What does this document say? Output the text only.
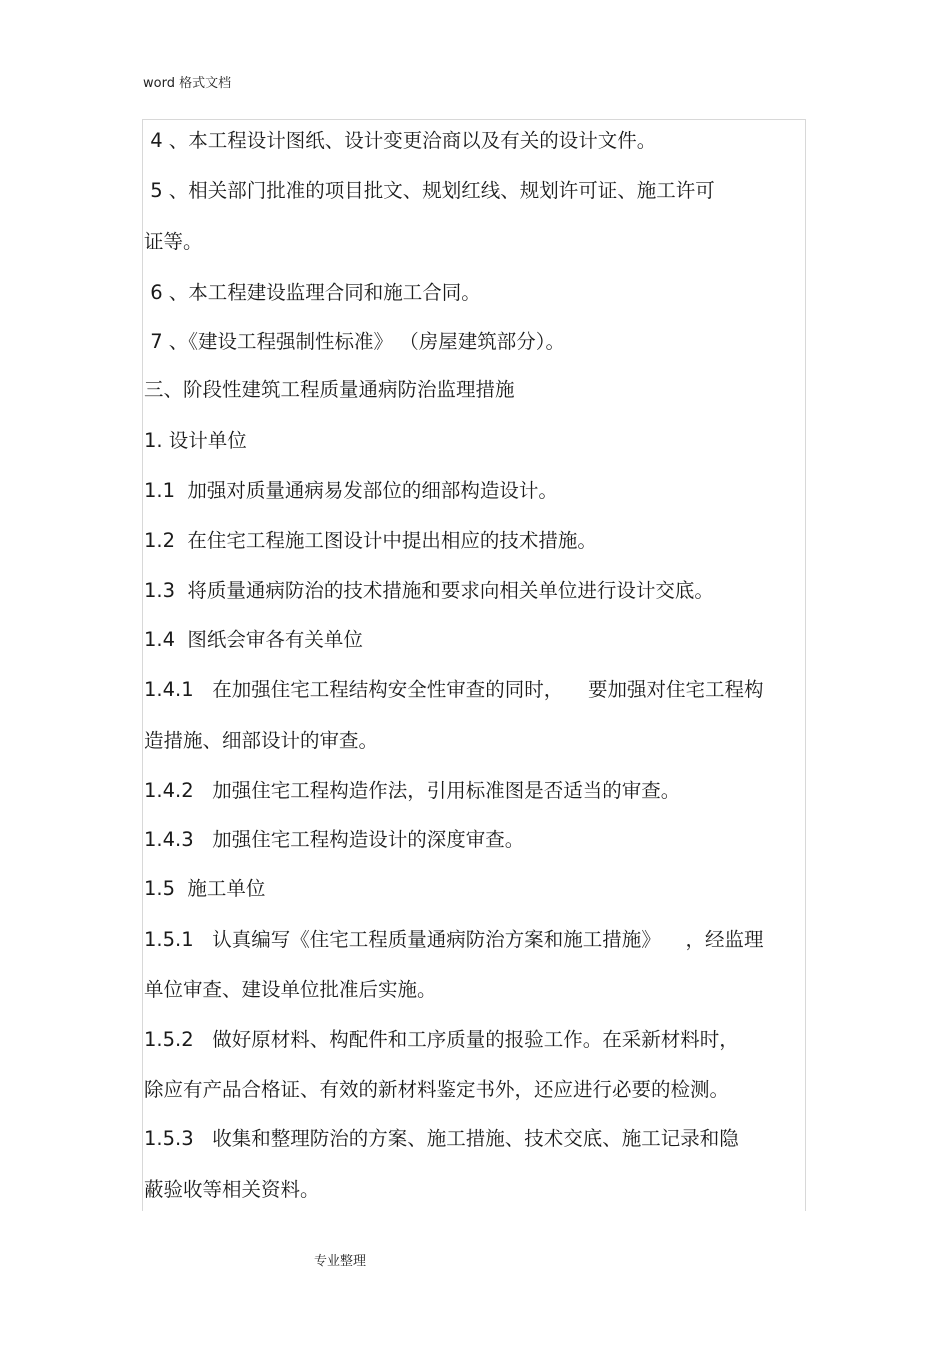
word 格式文档
4 、本工程设计图纸、设计变更洽商以及有关的设计文件。
5 、相关部门批准的项目批文、规划红线、规划许可证、施工许可
证等。
6 、本工程建设监理合同和施工合同。
7 、《建设工程强制性标准》 （房屋建筑部分）。
三、阶段性建筑工程质量通病防治监理措施
1. 设计单位
1.1  加强对质量通病易发部位的细部构造设计。
1.2  在住宅工程施工图设计中提出相应的技术措施。
1.3  将质量通病防治的技术措施和要求向相关单位进行设计交底。
1.4  图纸会审各有关单位
1.4.1   在加强住宅工程结构安全性审查的同时，    要加强对住宅工程构
造措施、细部设计的审查。
1.4.2   加强住宅工程构造作法，引用标准图是否适当的审查。
1.4.3   加强住宅工程构造设计的深度审查。
1.5  施工单位
1.5.1   认真编写《住宅工程质量通病防治方案和施工措施》    ，经监理
单位审查、建设单位批准后实施。
1.5.2   做好原材料、构配件和工序质量的报验工作。在采新材料时，
除应有产品合格证、有效的新材料鉴定书外，还应进行必要的检测。
1.5.3   收集和整理防治的方案、施工措施、技术交底、施工记录和隐
蔽验收等相关资料。
专业整理
